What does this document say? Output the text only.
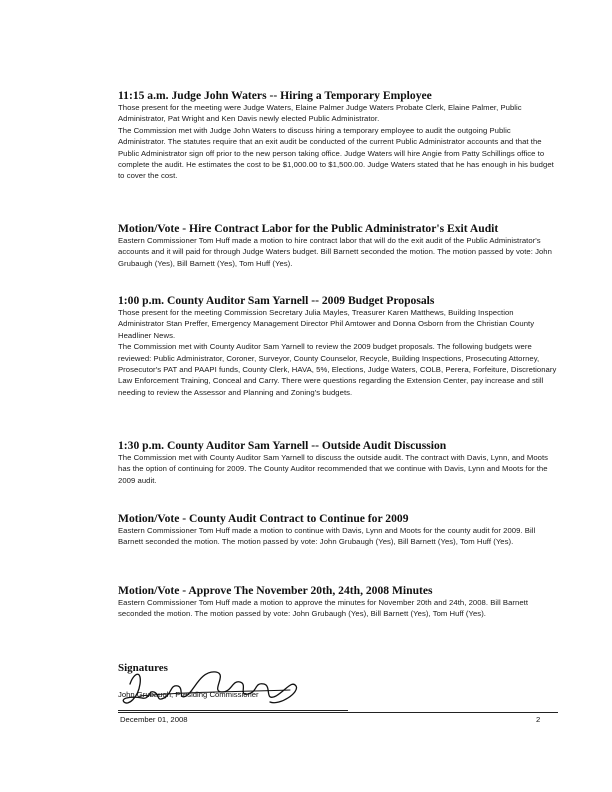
11:15 a.m. Judge John Waters -- Hiring a Temporary Employee

Those present for the meeting were Judge Waters, Elaine Palmer Judge Waters Probate Clerk, Elaine Palmer, Public Administrator, Pat Wright and Ken Davis newly elected Public Administrator.

The Commission met with Judge John Waters to discuss hiring a temporary employee to audit the outgoing Public Administrator. The statutes require that an exit audit be conducted of the current Public Administrator accounts and that the Public Administrator sign off prior to the new person taking office. Judge Waters will hire Angie from Patty Schillings office to complete the audit. He estimates the cost to be $1,000.00 to $1,500.00. Judge Waters stated that he has enough in his budget to cover the cost.

Motion/Vote - Hire Contract Labor for the Public Administrator's Exit Audit

Eastern Commissioner Tom Huff made a motion to hire contract labor that will do the exit audit of the Public Administrator's accounts and it will paid for through Judge Waters budget. Bill Barnett seconded the motion. The motion passed by vote: John Grubaugh (Yes), Bill Barnett (Yes), Tom Huff (Yes).

1:00 p.m. County Auditor Sam Yarnell -- 2009 Budget Proposals

Those present for the meeting Commission Secretary Julia Mayles, Treasurer Karen Matthews, Building Inspection Administrator Stan Preffer, Emergency Management Director Phil Amtower and Donna Osborn from the Christian County Headliner News.

The Commission met with County Auditor Sam Yarnell to review the 2009 budget proposals. The following budgets were reviewed: Public Administrator, Coroner, Surveyor, County Counselor, Recycle, Building Inspections, Prosecuting Attorney, Prosecutor's PAT and PAAPI funds, County Clerk, HAVA, 5%, Elections, Judge Waters, COLB, Perera, Forfeiture, Discretionary Law Enforcement Training, Conceal and Carry. There were questions regarding the Extension Center, pay increase and still needing to review the Assessor and Planning and Zoning's budgets.

1:30 p.m. County Auditor Sam Yarnell -- Outside Audit Discussion

The Commission met with County Auditor Sam Yarnell to discuss the outside audit. The contract with Davis, Lynn, and Moots has the option of continuing for 2009. The County Auditor recommended that we continue with Davis, Lynn and Moots for the 2009 audit.

Motion/Vote - County Audit Contract to Continue for 2009

Eastern Commissioner Tom Huff made a motion to continue with Davis, Lynn and Moots for the county audit for 2009. Bill Barnett seconded the motion. The motion passed by vote: John Grubaugh (Yes), Bill Barnett (Yes), Tom Huff (Yes).

Motion/Vote - Approve The November 20th, 24th, 2008 Minutes

Eastern Commissioner Tom Huff made a motion to approve the minutes for November 20th and 24th, 2008. Bill Barnett seconded the motion. The motion passed by vote: John Grubaugh (Yes), Bill Barnett (Yes), Tom Huff (Yes).

Signatures
John Grubaugh, Presiding Commissioner
December 01, 2008	2
